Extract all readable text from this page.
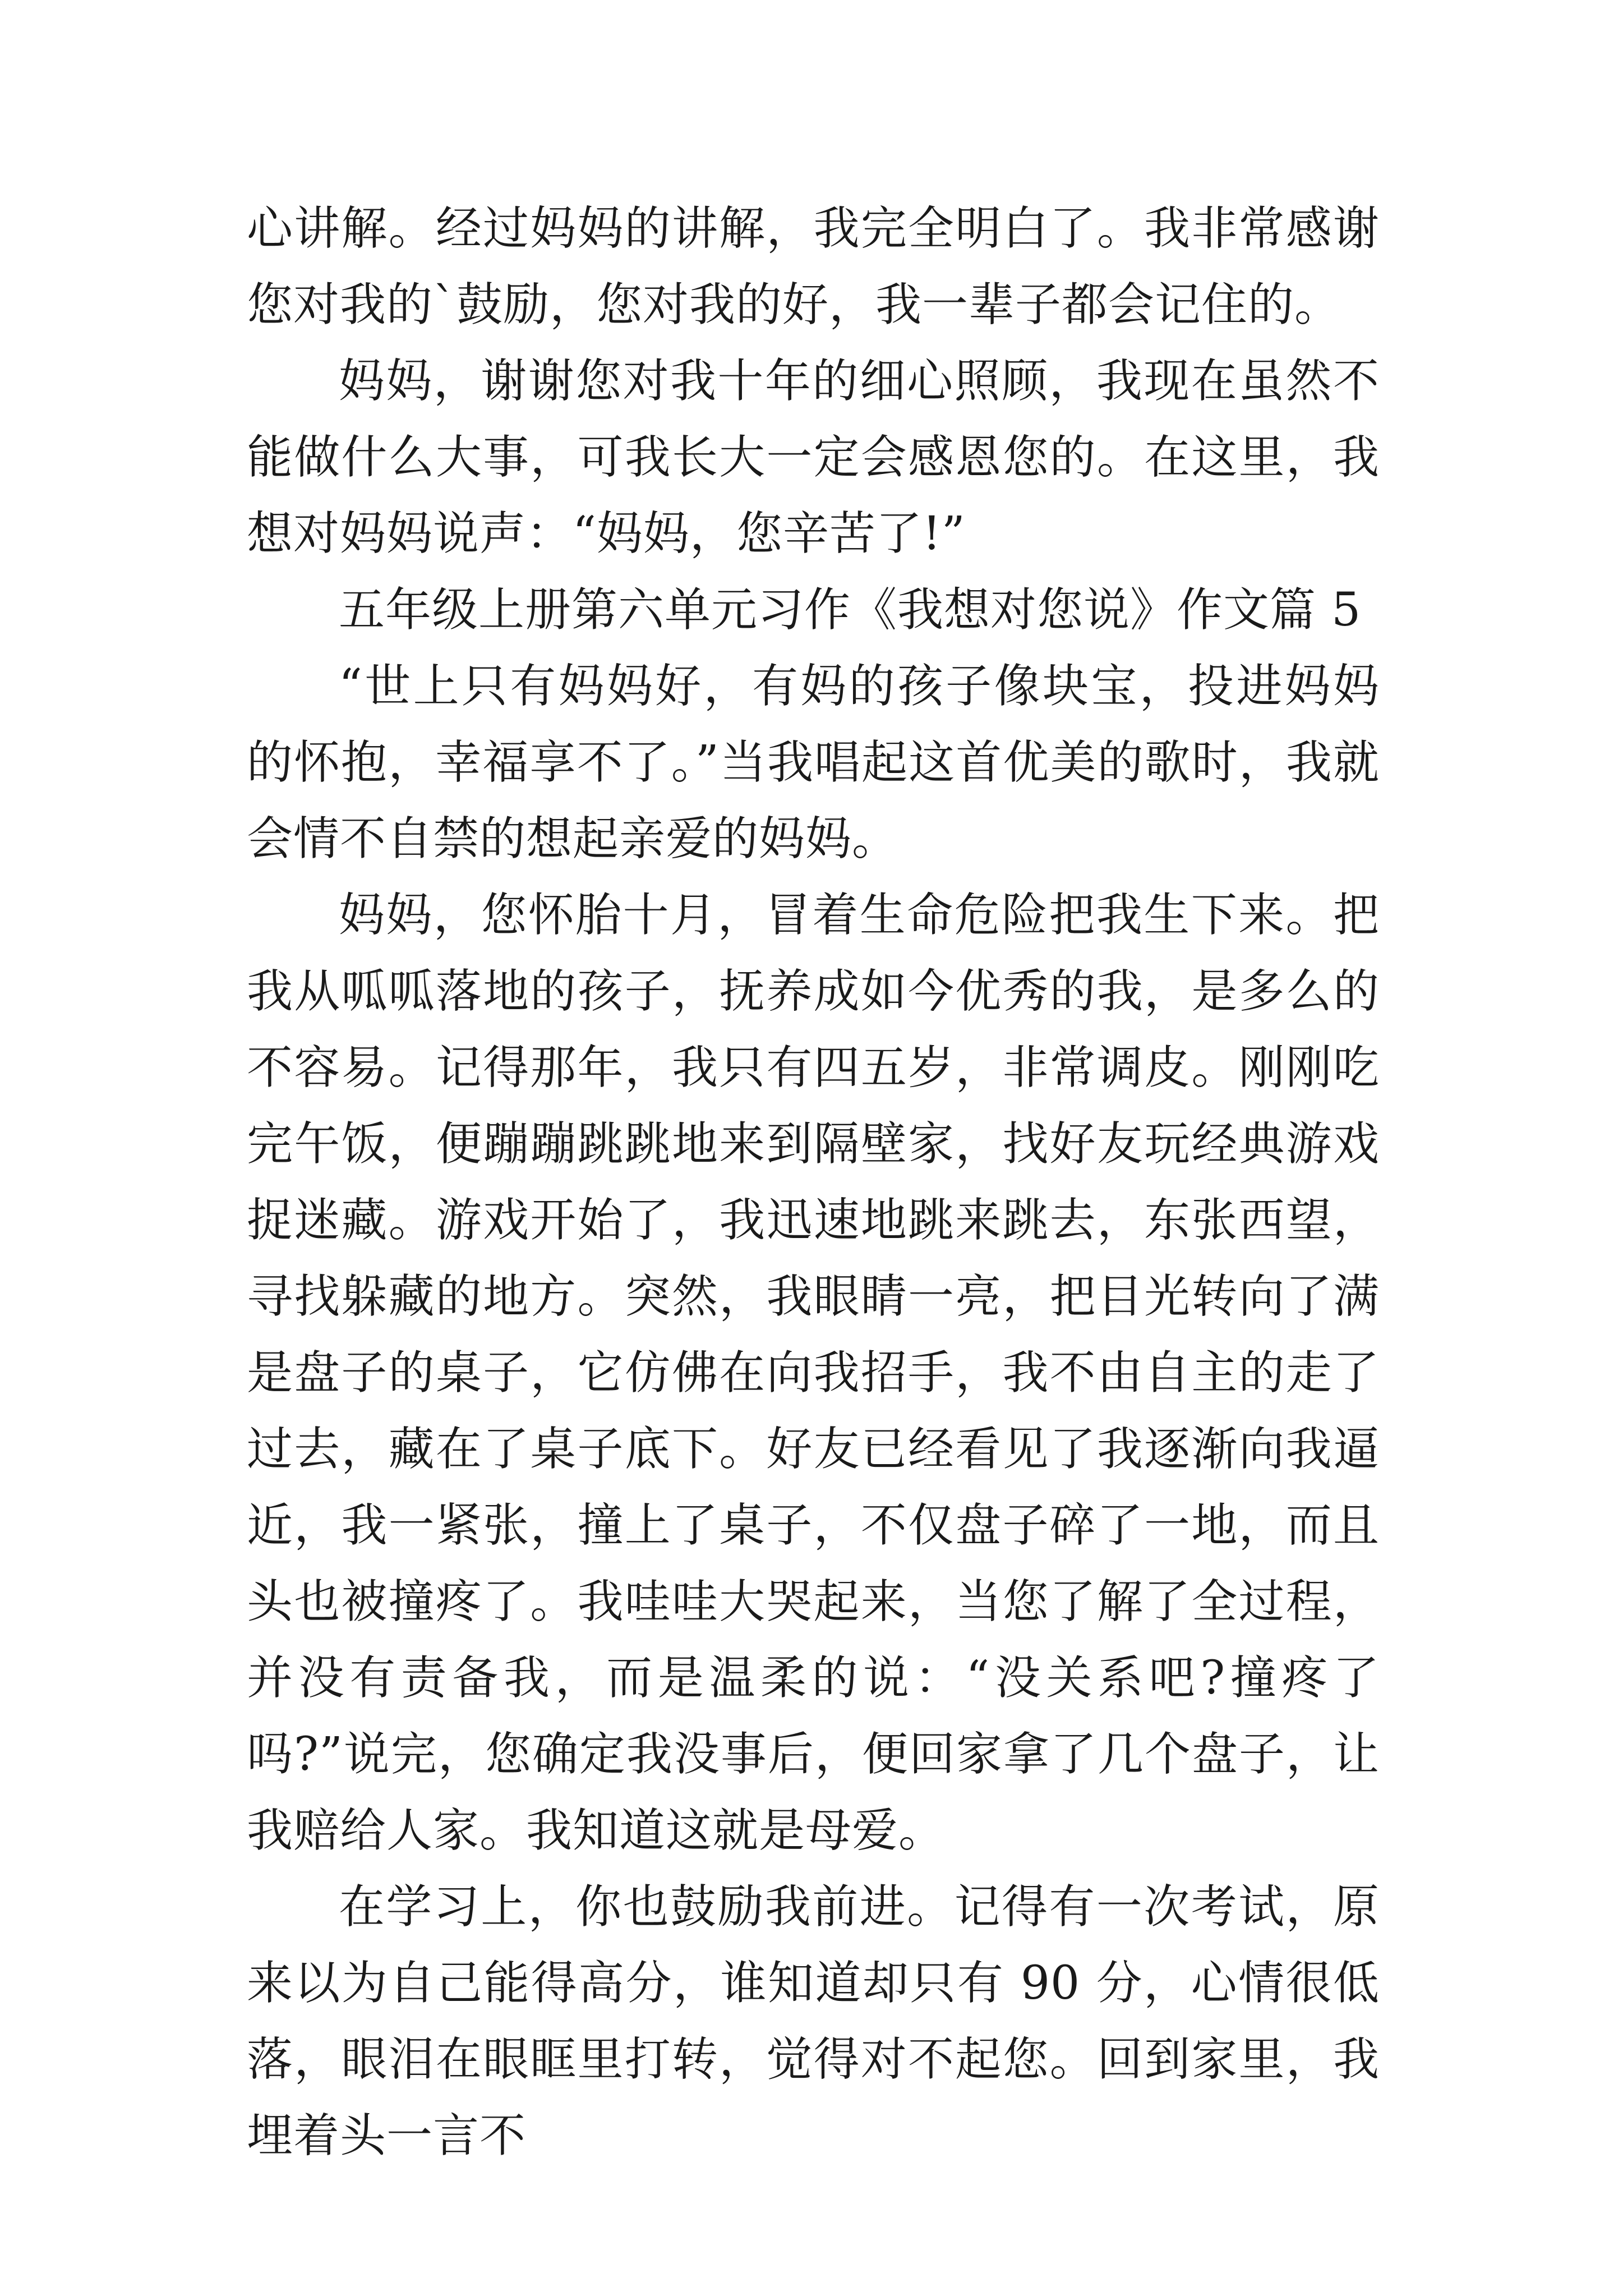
心讲解。经过妈妈的讲解，我完全明白了。我非常感谢您对我的`鼓励，您对我的好，我一辈子都会记住的。

妈妈，谢谢您对我十年的细心照顾，我现在虽然不能做什么大事，可我长大一定会感恩您的。在这里，我想对妈妈说声：“妈妈，您辛苦了!”

五年级上册第六单元习作《我想对您说》作文篇 5

“世上只有妈妈好，有妈的孩子像块宝，投进妈妈的怀抱，幸福享不了。”当我唱起这首优美的歌时，我就会情不自禁的想起亲爱的妈妈。

妈妈，您怀胎十月，冒着生命危险把我生下来。把我从呱呱落地的孩子，抚养成如今优秀的我，是多么的不容易。记得那年，我只有四五岁，非常调皮。刚刚吃完午饭，便蹦蹦跳跳地来到隔壁家，找好友玩经典游戏捉迷藏。游戏开始了，我迅速地跳来跳去，东张西望，寻找躲藏的地方。突然，我眼睛一亮，把目光转向了满是盘子的桌子，它仿佛在向我招手，我不由自主的走了过去，藏在了桌子底下。好友已经看见了我逐渐向我逼近，我一紧张，撞上了桌子，不仅盘子碎了一地，而且头也被撞疼了。我哇哇大哭起来，当您了解了全过程，并没有责备我，而是温柔的说：“没关系吧?撞疼了吗?”说完，您确定我没事后，便回家拿了几个盘子，让我赔给人家。我知道这就是母爱。

在学习上，你也鼓励我前进。记得有一次考试，原来以为自己能得高分，谁知道却只有 90 分，心情很低落，眼泪在眼眶里打转，觉得对不起您。回到家里，我埋着头一言不
